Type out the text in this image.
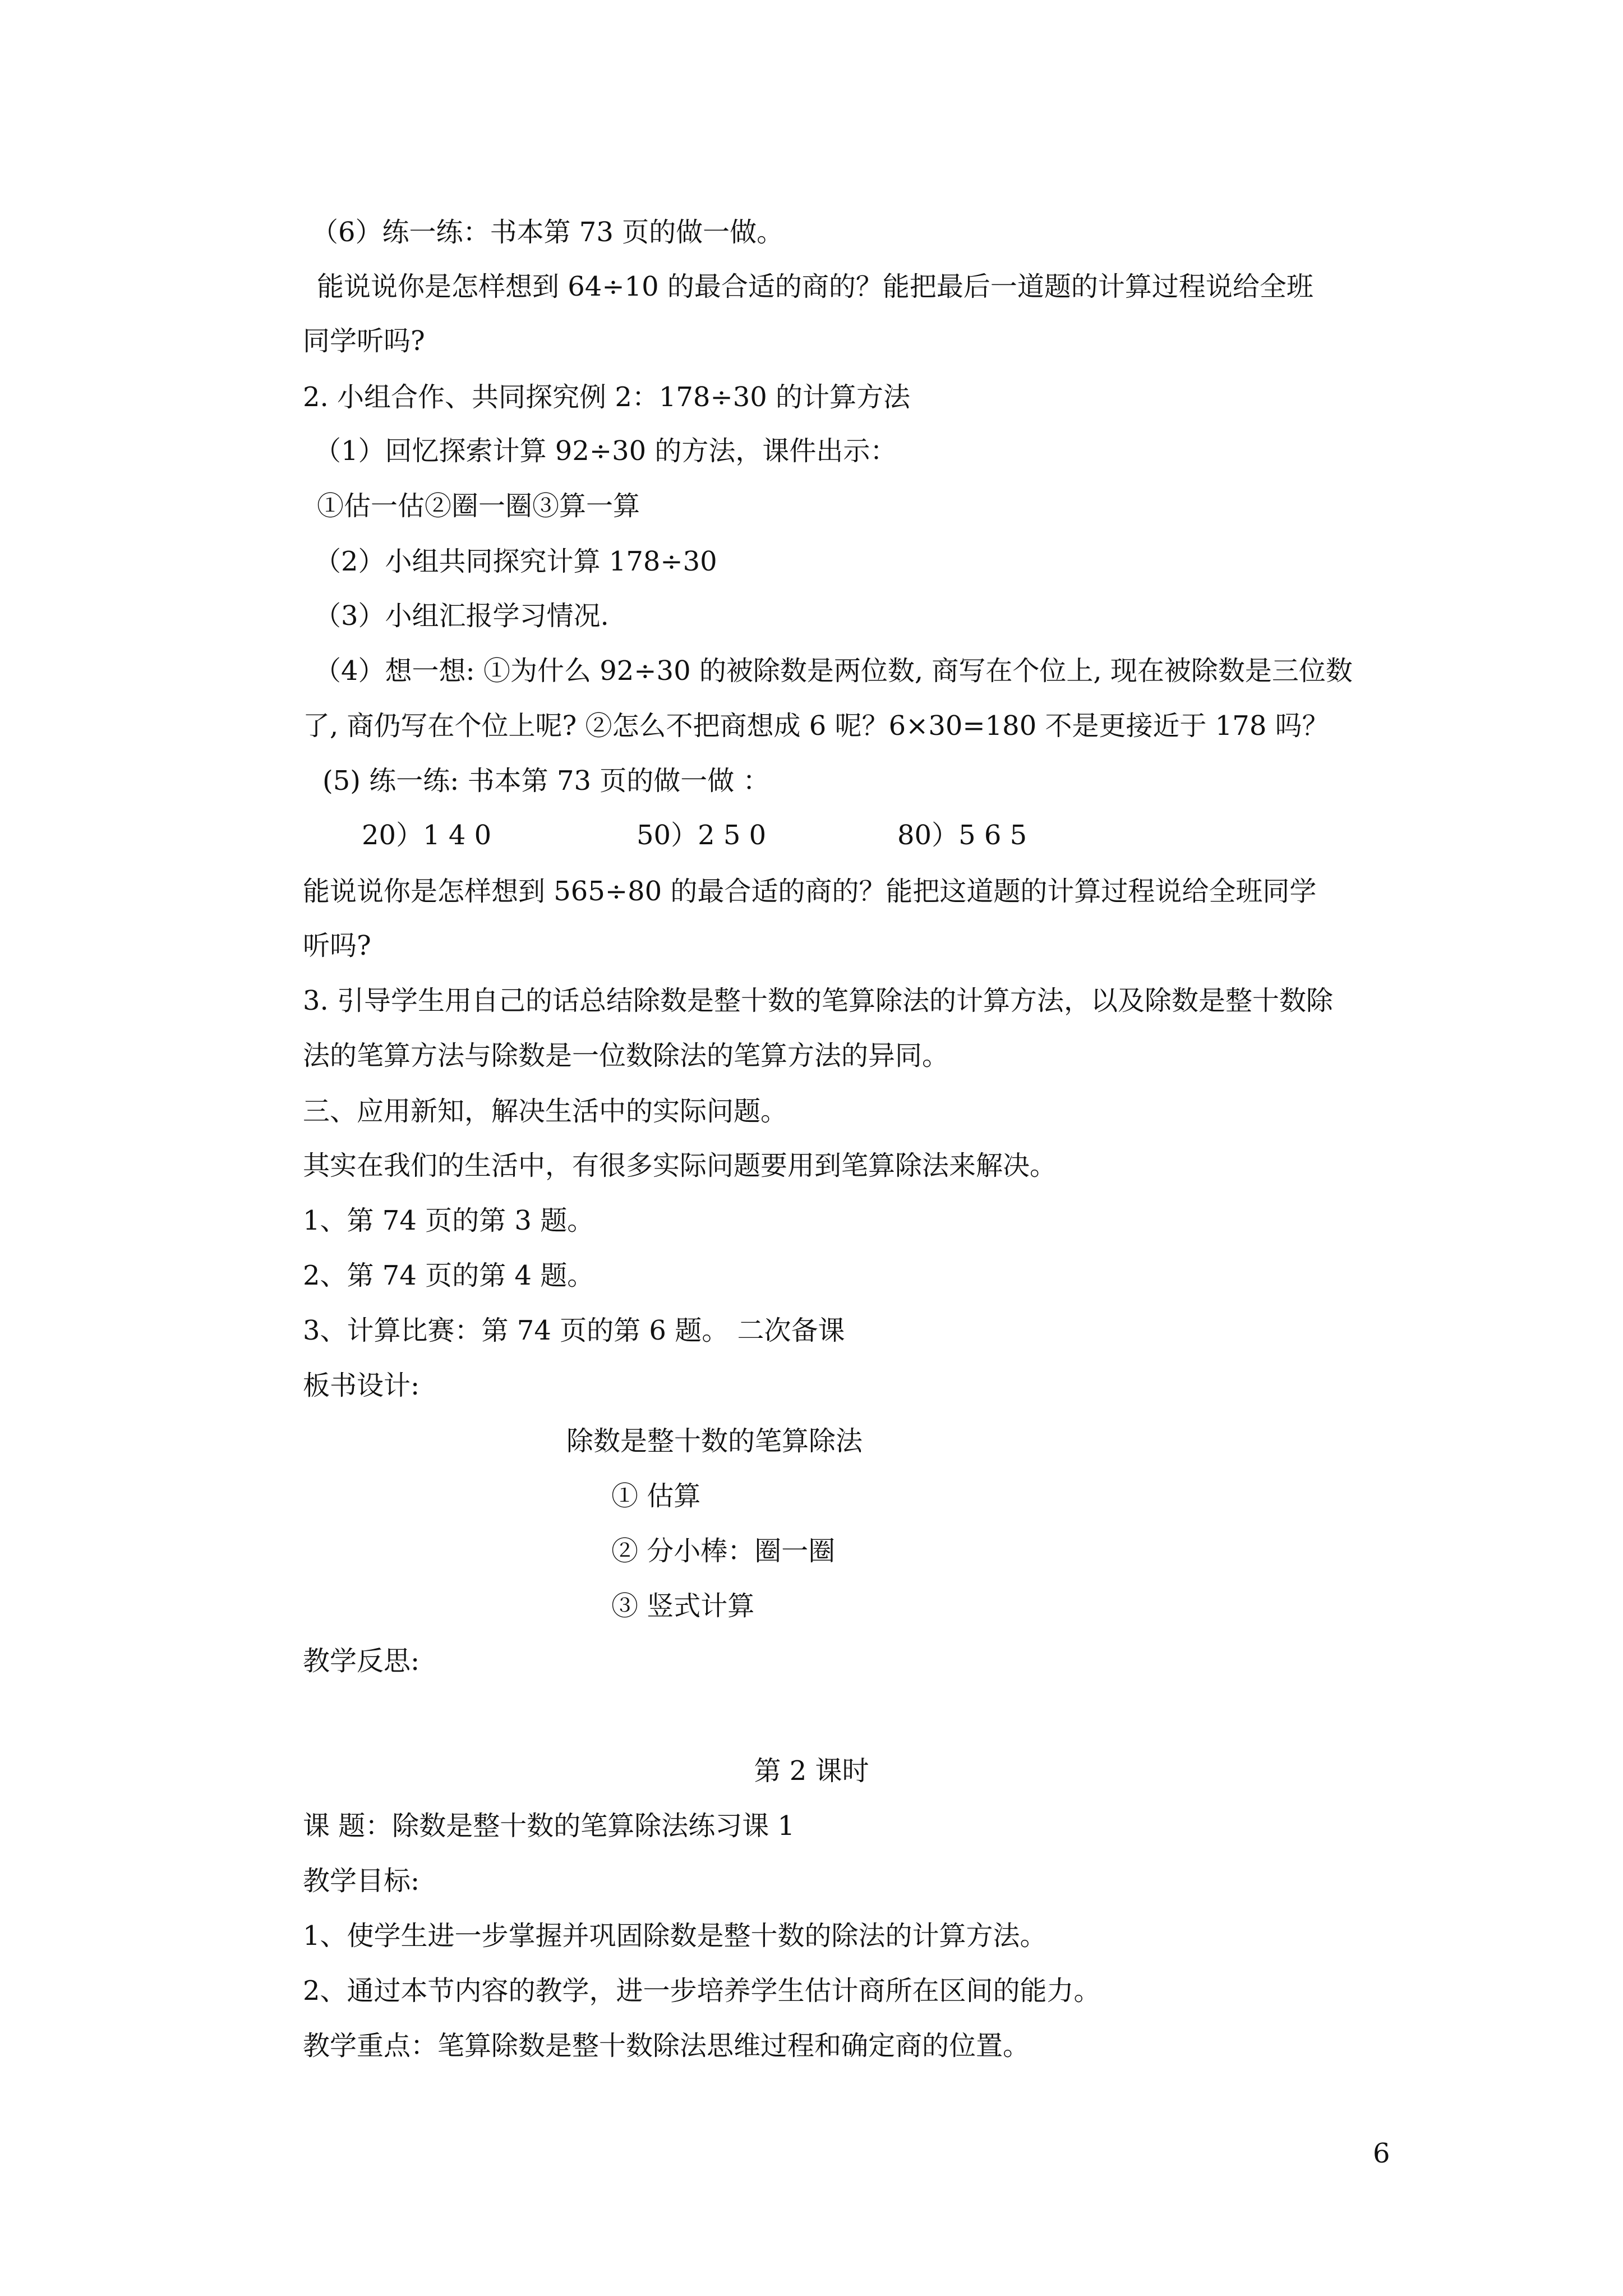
（6）练一练：书本第 73 页的做一做。
能说说你是怎样想到 64÷10 的最合适的商的？能把最后一道题的计算过程说给全班
同学听吗?
2. 小组合作、共同探究例 2：178÷30 的计算方法
（1）回忆探索计算 92÷30 的方法，课件出示：
①估一估②圈一圈③算一算
（2）小组共同探究计算 178÷30
（3）小组汇报学习情况.
（4）想一想: ①为什么 92÷30 的被除数是两位数, 商写在个位上, 现在被除数是三位数
了, 商仍写在个位上呢? ②怎么不把商想成 6 呢？6×30=180 不是更接近于 178 吗？
(5) 练一练: 书本第 73 页的做一做 ：
20）1 4 0	50）2 5 0	80）5 6 5
能说说你是怎样想到 565÷80 的最合适的商的？能把这道题的计算过程说给全班同学
听吗?
3. 引导学生用自己的话总结除数是整十数的笔算除法的计算方法，以及除数是整十数除
法的笔算方法与除数是一位数除法的笔算方法的异同。
三、应用新知，解决生活中的实际问题。
其实在我们的生活中，有很多实际问题要用到笔算除法来解决。
1、第 74 页的第 3 题。
2、第 74 页的第 4 题。
3、计算比赛：第 74 页的第 6 题。 二次备课
板书设计:
除数是整十数的笔算除法
① 估算
② 分小棒：圈一圈
③ 竖式计算
教学反思:
第 2 课时
课 题：除数是整十数的笔算除法练习课 1
教学目标:
1、使学生进一步掌握并巩固除数是整十数的除法的计算方法。
2、通过本节内容的教学，进一步培养学生估计商所在区间的能力。
教学重点：笔算除数是整十数除法思维过程和确定商的位置。
6
